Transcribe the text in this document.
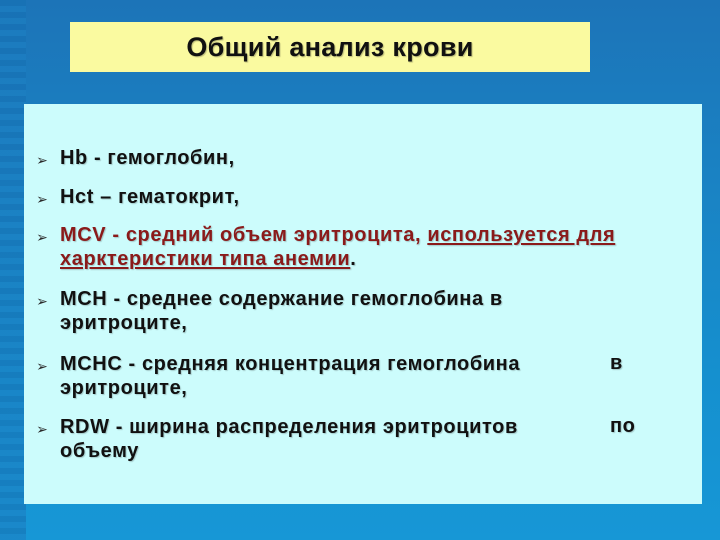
Общий анализ крови
➢ Hb - гемоглобин,
➢ Hct – гематокрит,
➢ MCV - средний объем эритроцита, используется для
харктеристики типа анемии.
➢ MCH - среднее содержание гемоглобина в
эритроците,
➢ MCHC - средняя концентрация гемоглобина
эритроците,
в
➢ RDW - ширина распределения эритроцитов
объему
по
